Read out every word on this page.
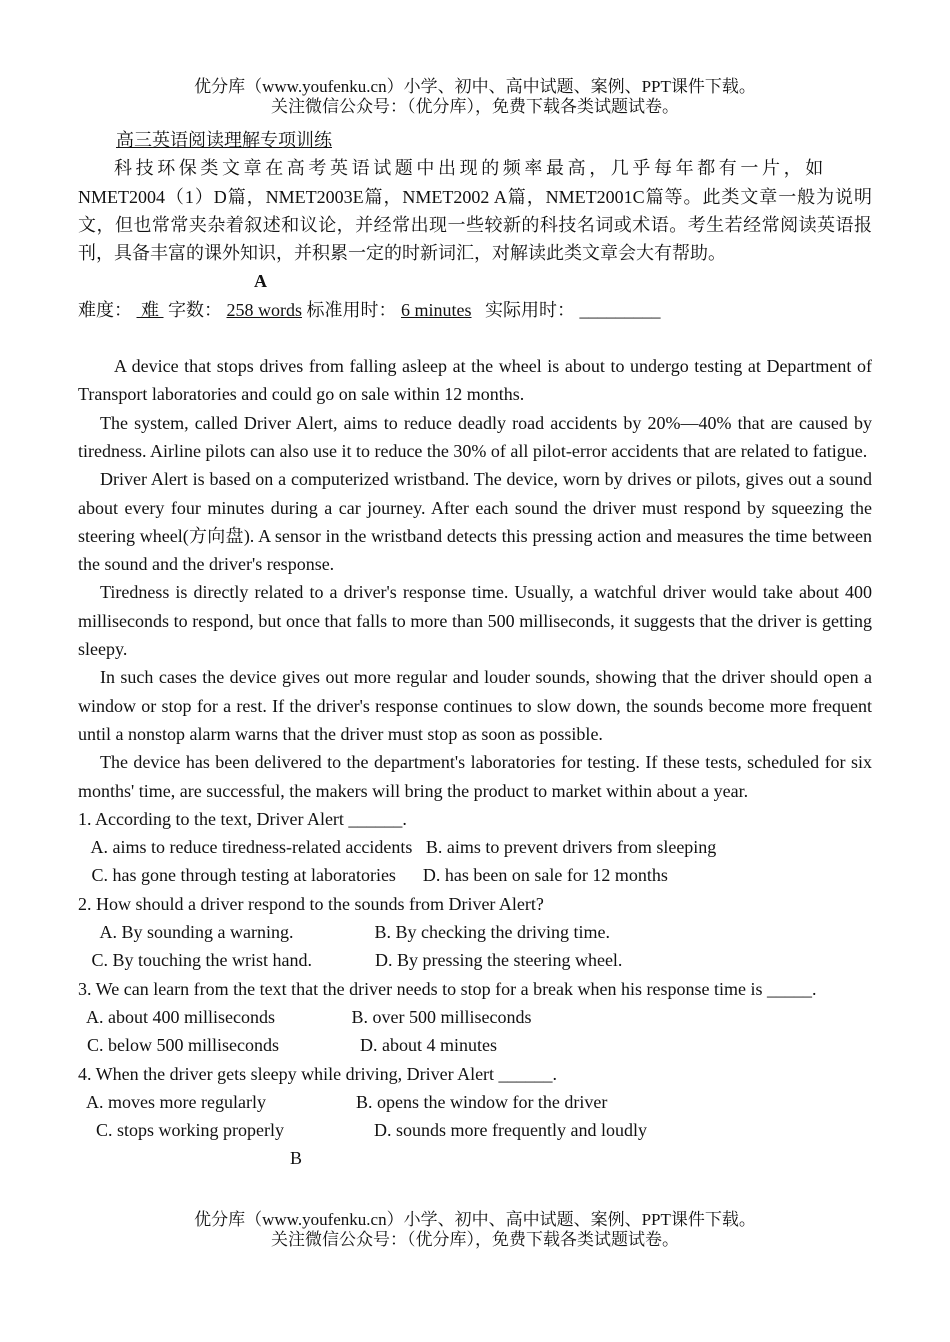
优分库（www.youfenku.cn）小学、初中、高中试题、案例、PPT课件下载。
关注微信公众号：（优分库），免费下载各类试题试卷。
高三英语阅读理解专项训练
科技环保类文章在高考英语试题中出现的频率最高，几乎每年都有一片，如
NMET2004（1）D篇，NMET2003E篇，NMET2002 A篇，NMET2001C篇等。此类文章一般为说明文，但也常常夹杂着叙述和议论，并经常出现一些较新的科技名词或术语。考生若经常阅读英语报刊，具备丰富的课外知识，并积累一定的时新词汇，对解读此类文章会大有帮助。
A
难度： 难 字数： 258 words 标准用时： 6 minutes 实际用时： _________
A device that stops drives from falling asleep at the wheel is about to undergo testing at Department of Transport laboratories and could go on sale within 12 months.
The system, called Driver Alert, aims to reduce deadly road accidents by 20%—40% that are caused by tiredness. Airline pilots can also use it to reduce the 30% of all pilot-error accidents that are related to fatigue.
Driver Alert is based on a computerized wristband. The device, worn by drives or pilots, gives out a sound about every four minutes during a car journey. After each sound the driver must respond by squeezing the steering wheel(方向盘). A sensor in the wristband detects this pressing action and measures the time between the sound and the driver's response.
Tiredness is directly related to a driver's response time. Usually, a watchful driver would take about 400 milliseconds to respond, but once that falls to more than 500 milliseconds, it suggests that the driver is getting sleepy.
In such cases the device gives out more regular and louder sounds, showing that the driver should open a window or stop for a rest. If the driver's response continues to slow down, the sounds become more frequent until a nonstop alarm warns that the driver must stop as soon as possible.
The device has been delivered to the department's laboratories for testing. If these tests, scheduled for six months' time, are successful, the makers will bring the product to market within about a year.
1. According to the text, Driver Alert ______.
A. aims to reduce tiredness-related accidents   B. aims to prevent drivers from sleeping
C. has gone through testing at laboratories      D. has been on sale for 12 months
2. How should a driver respond to the sounds from Driver Alert?
A. By sounding a warning.                  B. By checking the driving time.
C. By touching the wrist hand.              D. By pressing the steering wheel.
3. We can learn from the text that the driver needs to stop for a break when his response time is _____.
A. about 400 milliseconds                 B. over 500 milliseconds
C. below 500 milliseconds                  D. about 4 minutes
4. When the driver gets sleepy while driving, Driver Alert ______.
A. moves more regularly                    B. opens the window for the driver
C. stops working properly                    D. sounds more frequently and loudly
B
优分库（www.youfenku.cn）小学、初中、高中试题、案例、PPT课件下载。
关注微信公众号：（优分库），免费下载各类试题试卷。
